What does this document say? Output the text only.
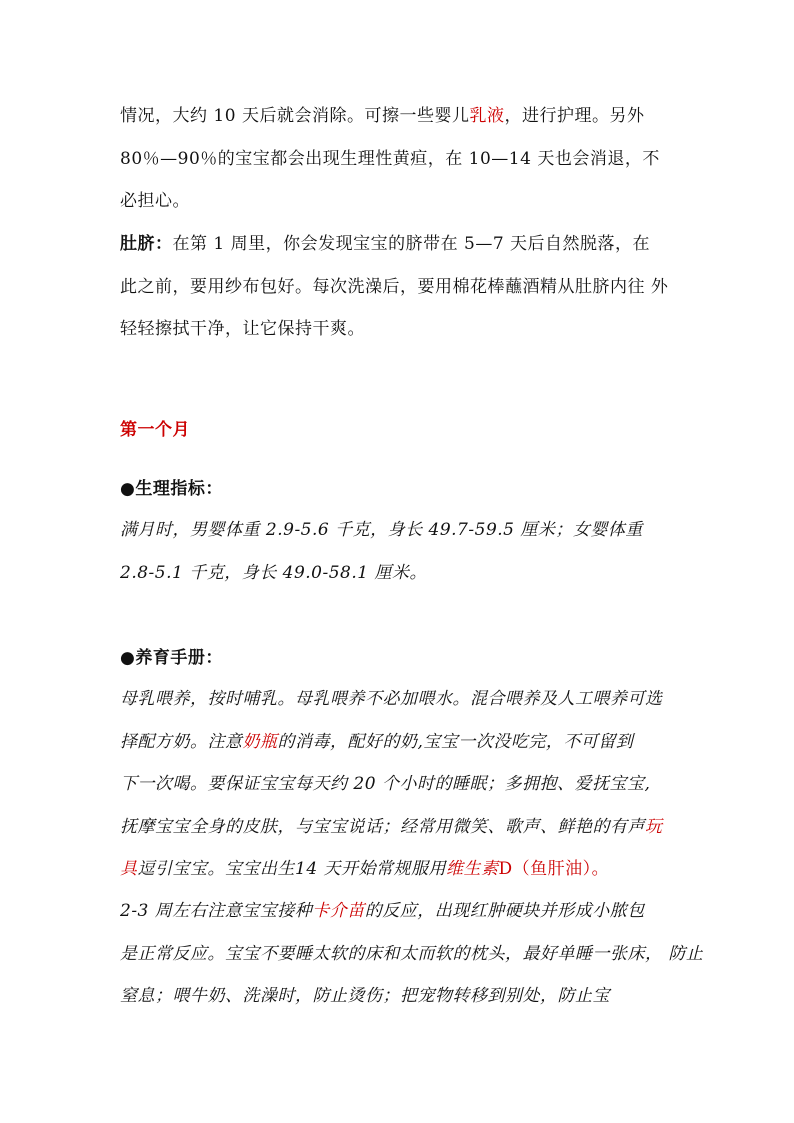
情况，大约 10 天后就会消除。可擦一些婴儿乳液，进行护理。另外
80％—90％的宝宝都会出现生理性黄疸，在 10—14 天也会消退，不
必担心。
肚脐：在第 1 周里，你会发现宝宝的脐带在 5—7 天后自然脱落，在
此之前，要用纱布包好。每次洗澡后，要用棉花棒蘸酒精从肚脐内往 外
轻轻擦拭干净，让它保持干爽。
第一个月
●生理指标：
满月时，男婴体重 2.9-5.6 千克，身长 49.7-59.5 厘米；女婴体重
2.8-5.1 千克，身长 49.0-58.1 厘米。
●养育手册：
母乳喂养，按时哺乳。母乳喂养不必加喂水。混合喂养及人工喂养可选
择配方奶。注意奶瓶的消毒，配好的奶,宝宝一次没吃完，不可留到
下一次喝。要保证宝宝每天约 20 个小时的睡眠；多拥抱、爱抚宝宝,
抚摩宝宝全身的皮肤，与宝宝说话；经常用微笑、歌声、鲜艳的有声玩
具逗引宝宝。宝宝出生14 天开始常规服用维生素D（鱼肝油）。
2-3 周左右注意宝宝接种卡介苗的反应，出现红肿硬块并形成小脓包
是正常反应。宝宝不要睡太软的床和太而软的枕头，最好单睡一张床， 防止
窒息；喂牛奶、洗澡时，防止烫伤；把宠物转移到别处，防止宝
